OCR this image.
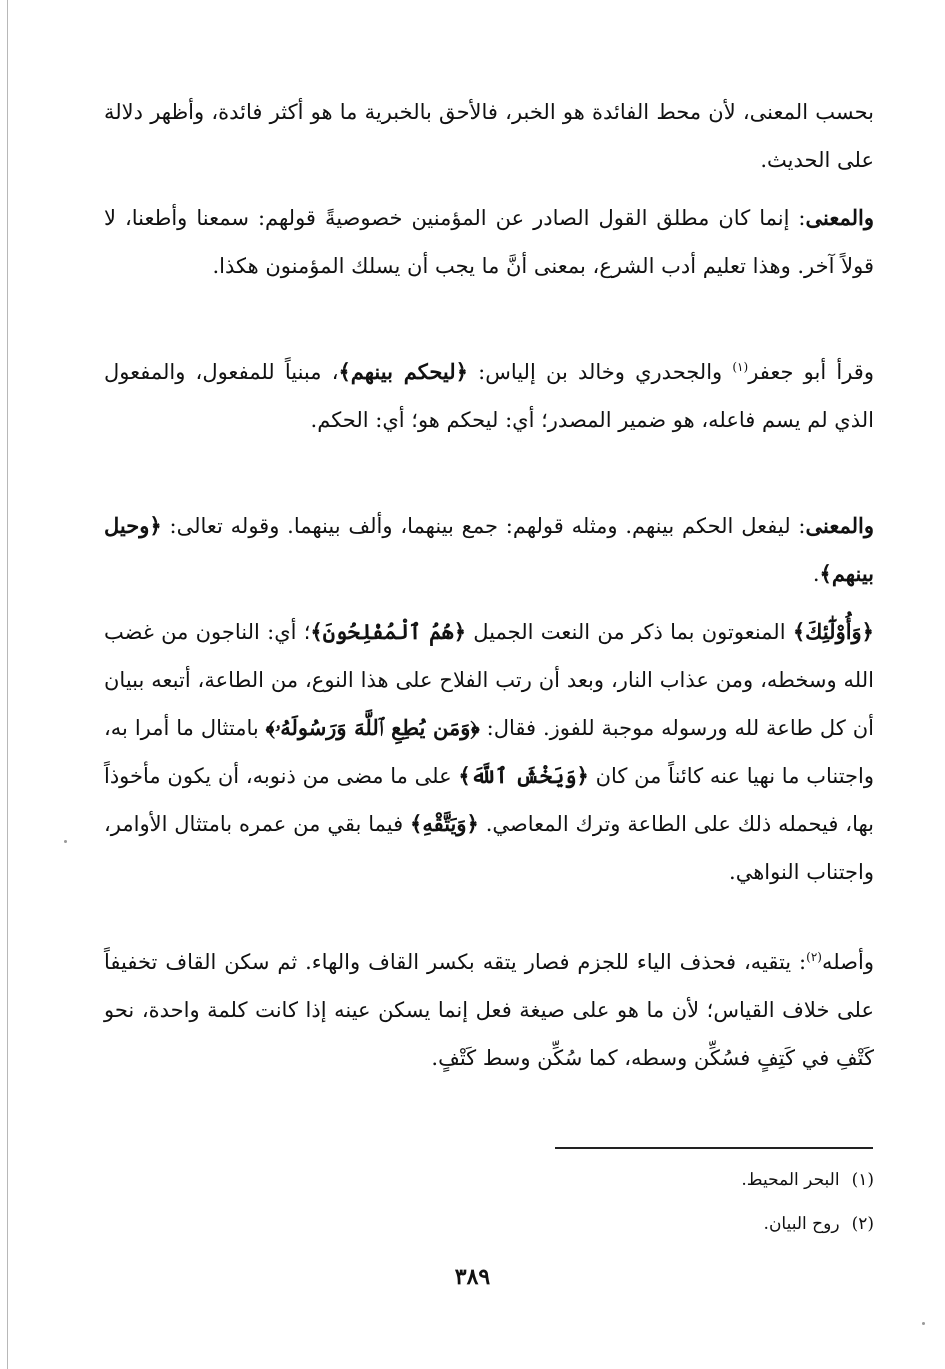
بحسب المعنى، لأن محط الفائدة هو الخبر، فالأحق بالخبرية ما هو أكثر فائدة، وأظهر دلالة على الحديث.

والمعنى: إنما كان مطلق القول الصادر عن المؤمنين خصوصيةً قولهم: سمعنا وأطعنا، لا قولاً آخر. وهذا تعليم أدب الشرع، بمعنى أنَّ ما يجب أن يسلك المؤمنون هكذا.

وقرأ أبو جعفر$^{(١)}$ والجحدري وخالد بن إلياس: ﴿ليحكم بينهم﴾، مبنياً للمفعول، والمفعول الذي لم يسم فاعله، هو ضمير المصدر؛ أي: ليحكم هو؛ أي: الحكم.

والمعنى: ليفعل الحكم بينهم. ومثله قولهم: جمع بينهما، وألف بينهما. وقوله تعالى: ﴿وحيل بينهم﴾.

﴿وَأُوْلَٰٓئِكَ﴾ المنعوتون بما ذكر من النعت الجميل ﴿هُمُ ٱلْمُفْلِحُونَ﴾؛ أي: الناجون من غضب الله وسخطه، ومن عذاب النار، وبعد أن رتب الفلاح على هذا النوع، من الطاعة، أتبعه ببيان أن كل طاعة لله ورسوله موجبة للفوز. فقال: ﴿وَمَن يُطِعِ ٱللَّهَ وَرَسُولَهُۥ﴾ بامتثال ما أمرا به، واجتناب ما نهيا عنه كائناً من كان ﴿وَيَخْشَ ٱللَّهَ﴾ على ما مضى من ذنوبه، أن يكون مأخوذاً بها، فيحمله ذلك على الطاعة وترك المعاصي. ﴿وَيَتَّقْهِ﴾ فيما بقي من عمره بامتثال الأوامر، واجتناب النواهي.

وأصله$^{(٢)}$: يتقيه، فحذف الياء للجزم فصار يتقه بكسر القاف والهاء. ثم سكن القاف تخفيفاً على خلاف القياس؛ لأن ما هو على صيغة فعل إنما يسكن عينه إذا كانت كلمة واحدة، نحو كَتْفِ في كَتِفٍ فسُكِّن وسطه، كما سُكِّن وسط كَتْفٍ.

(١)البحر المحيط.
(٢)روح البيان.
٣٨٩
